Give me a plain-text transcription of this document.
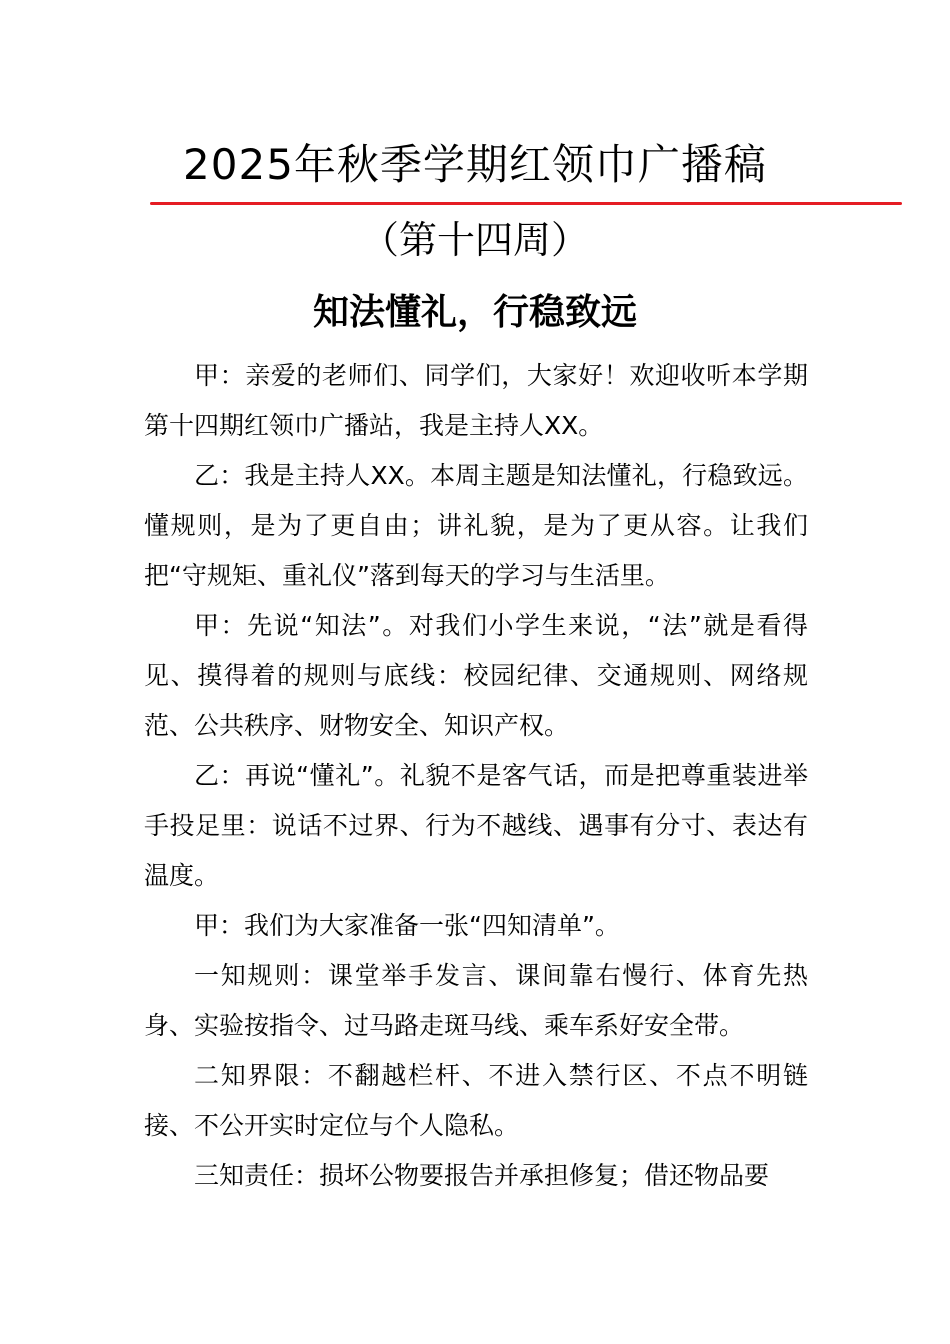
2025年秋季学期红领巾广播稿
（第十四周）
知法懂礼，行稳致远

甲：亲爱的老师们、同学们，大家好！欢迎收听本学期第十四期红领巾广播站，我是主持人XX。

乙：我是主持人XX。本周主题是知法懂礼，行稳致远。懂规则，是为了更自由；讲礼貌，是为了更从容。让我们把“守规矩、重礼仪”落到每天的学习与生活里。

甲：先说“知法”。对我们小学生来说，“法”就是看得见、摸得着的规则与底线：校园纪律、交通规则、网络规范、公共秩序、财物安全、知识产权。

乙：再说“懂礼”。礼貌不是客气话，而是把尊重装进举手投足里：说话不过界、行为不越线、遇事有分寸、表达有温度。

甲：我们为大家准备一张“四知清单”。

一知规则：课堂举手发言、课间靠右慢行、体育先热身、实验按指令、过马路走斑马线、乘车系好安全带。

二知界限：不翻越栏杆、不进入禁行区、不点不明链接、不公开实时定位与个人隐私。

三知责任：损坏公物要报告并承担修复；借还物品要
